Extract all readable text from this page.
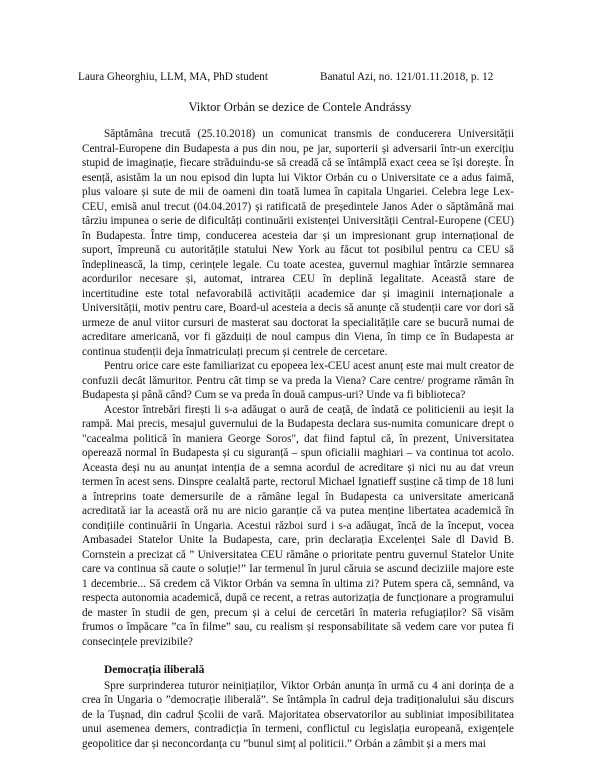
Laura Gheorghiu, LLM, MA, PhD student	Banatul Azi, no. 121/01.11.2018, p. 12
Viktor Orbán se dezice de Contele Andrássy

Săptămâna trecută (25.10.2018) un comunicat transmis de conducerera Universității Central-Europene din Budapesta a pus din nou, pe jar, suporterii și adversarii într-un exercițiu stupid de imaginație, fiecare străduindu-se să creadă că se întâmplă exact ceea se își dorește. În esență, asistăm la un nou episod din lupta lui Viktor Orbán cu o Universitate ce a adus faimă, plus valoare și sute de mii de oameni din toată lumea în capitala Ungariei. Celebra lege Lex-CEU, emisă anul trecut (04.04.2017) și ratificată de președintele Janos Ader o săptămână mai târziu impunea o serie de dificultăți continuării existenței Universității Central-Europene (CEU) în Budapesta. Între timp, conducerea acesteia dar și un impresionant grup internațional de suport, împreună cu autoritățile statului New York au făcut tot posibilul pentru ca CEU să îndeplinească, la timp, cerințele legale. Cu toate acestea, guvernul maghiar întârzie semnarea acordurilor necesare și, automat, intrarea CEU în deplină legalitate. Această stare de incertitudine este total nefavorabilă activității academice dar și imaginii internaționale a Universității, motiv pentru care, Board-ul acesteia a decis să anunțe că studenții care vor dori să urmeze de anul viitor cursuri de masterat sau doctorat la specialitățile care se bucură numai de acreditare americană, vor fi găzduiți de noul campus din Viena, în timp ce în Budapesta ar continua studenții deja înmatriculați precum și centrele de cercetare.

Pentru orice care este familiarizat cu epopeea lex-CEU acest anunț este mai mult creator de confuzii decât lămuritor. Pentru cât timp se va preda la Viena? Care centre/ programe rămân în Budapesta și până când? Cum se va preda în două campus-uri? Unde va fi biblioteca?

Acestor întrebări firești li s-a adăugat o aură de ceață, de îndată ce politicienii au ieșit la rampă. Mai precis, mesajul guvernului de la Budapesta declara sus-numita comunicare drept o "cacealma politică în maniera George Soros", dat fiind faptul că, în prezent, Universitatea operează normal în Budapesta și cu siguranță – spun oficialii maghiari – va continua tot acolo. Aceasta deși nu au anunțat intenția de a semna acordul de acreditare și nici nu au dat vreun termen în acest sens. Dinspre cealaltă parte, rectorul Michael Ignatieff susține că timp de 18 luni a întreprins toate demersurile de a rămâne legal în Budapesta ca universitate americană acreditată iar la această oră nu are nicio garanție că va putea menține libertatea academică în condițiile continuării în Ungaria. Acestui război surd i s-a adăugat, încă de la început, vocea Ambasadei Statelor Unite la Budapesta, care, prin declarația Excelenței Sale dl David B. Cornstein a precizat că ” Universitatea CEU rămâne o prioritate pentru guvernul Statelor Unite care va continua să caute o soluție!” Iar termenul în jurul căruia se ascund deciziile majore este 1 decembrie... Să credem că Viktor Orbán va semna în ultima zi? Putem spera că, semnând, va respecta autonomia academică, după ce recent, a retras autorizația de funcționare a programului de master în studii de gen, precum și a celui de cercetări în materia refugiaților? Să visăm frumos o împăcare ”ca în filme” sau, cu realism și responsabilitate să vedem care vor putea fi consecințele previzibile?

Democrația iliberală

Spre surprinderea tuturor neinițiaților, Viktor Orbán anunța în urmă cu 4 ani dorința de a crea în Ungaria o ”democrație iliberală”. Se întâmpla în cadrul deja tradiționalului său discurs de la Tușnad, din cadrul Școlii de vară. Majoritatea observatorilor au subliniat imposibilitatea unui asemenea demers, contradicția în termeni, conflictul cu legislația europeană, exigențele geopolitice dar și neconcordanța cu ”bunul simț al politicii.” Orbán a zâmbit și a mers mai
